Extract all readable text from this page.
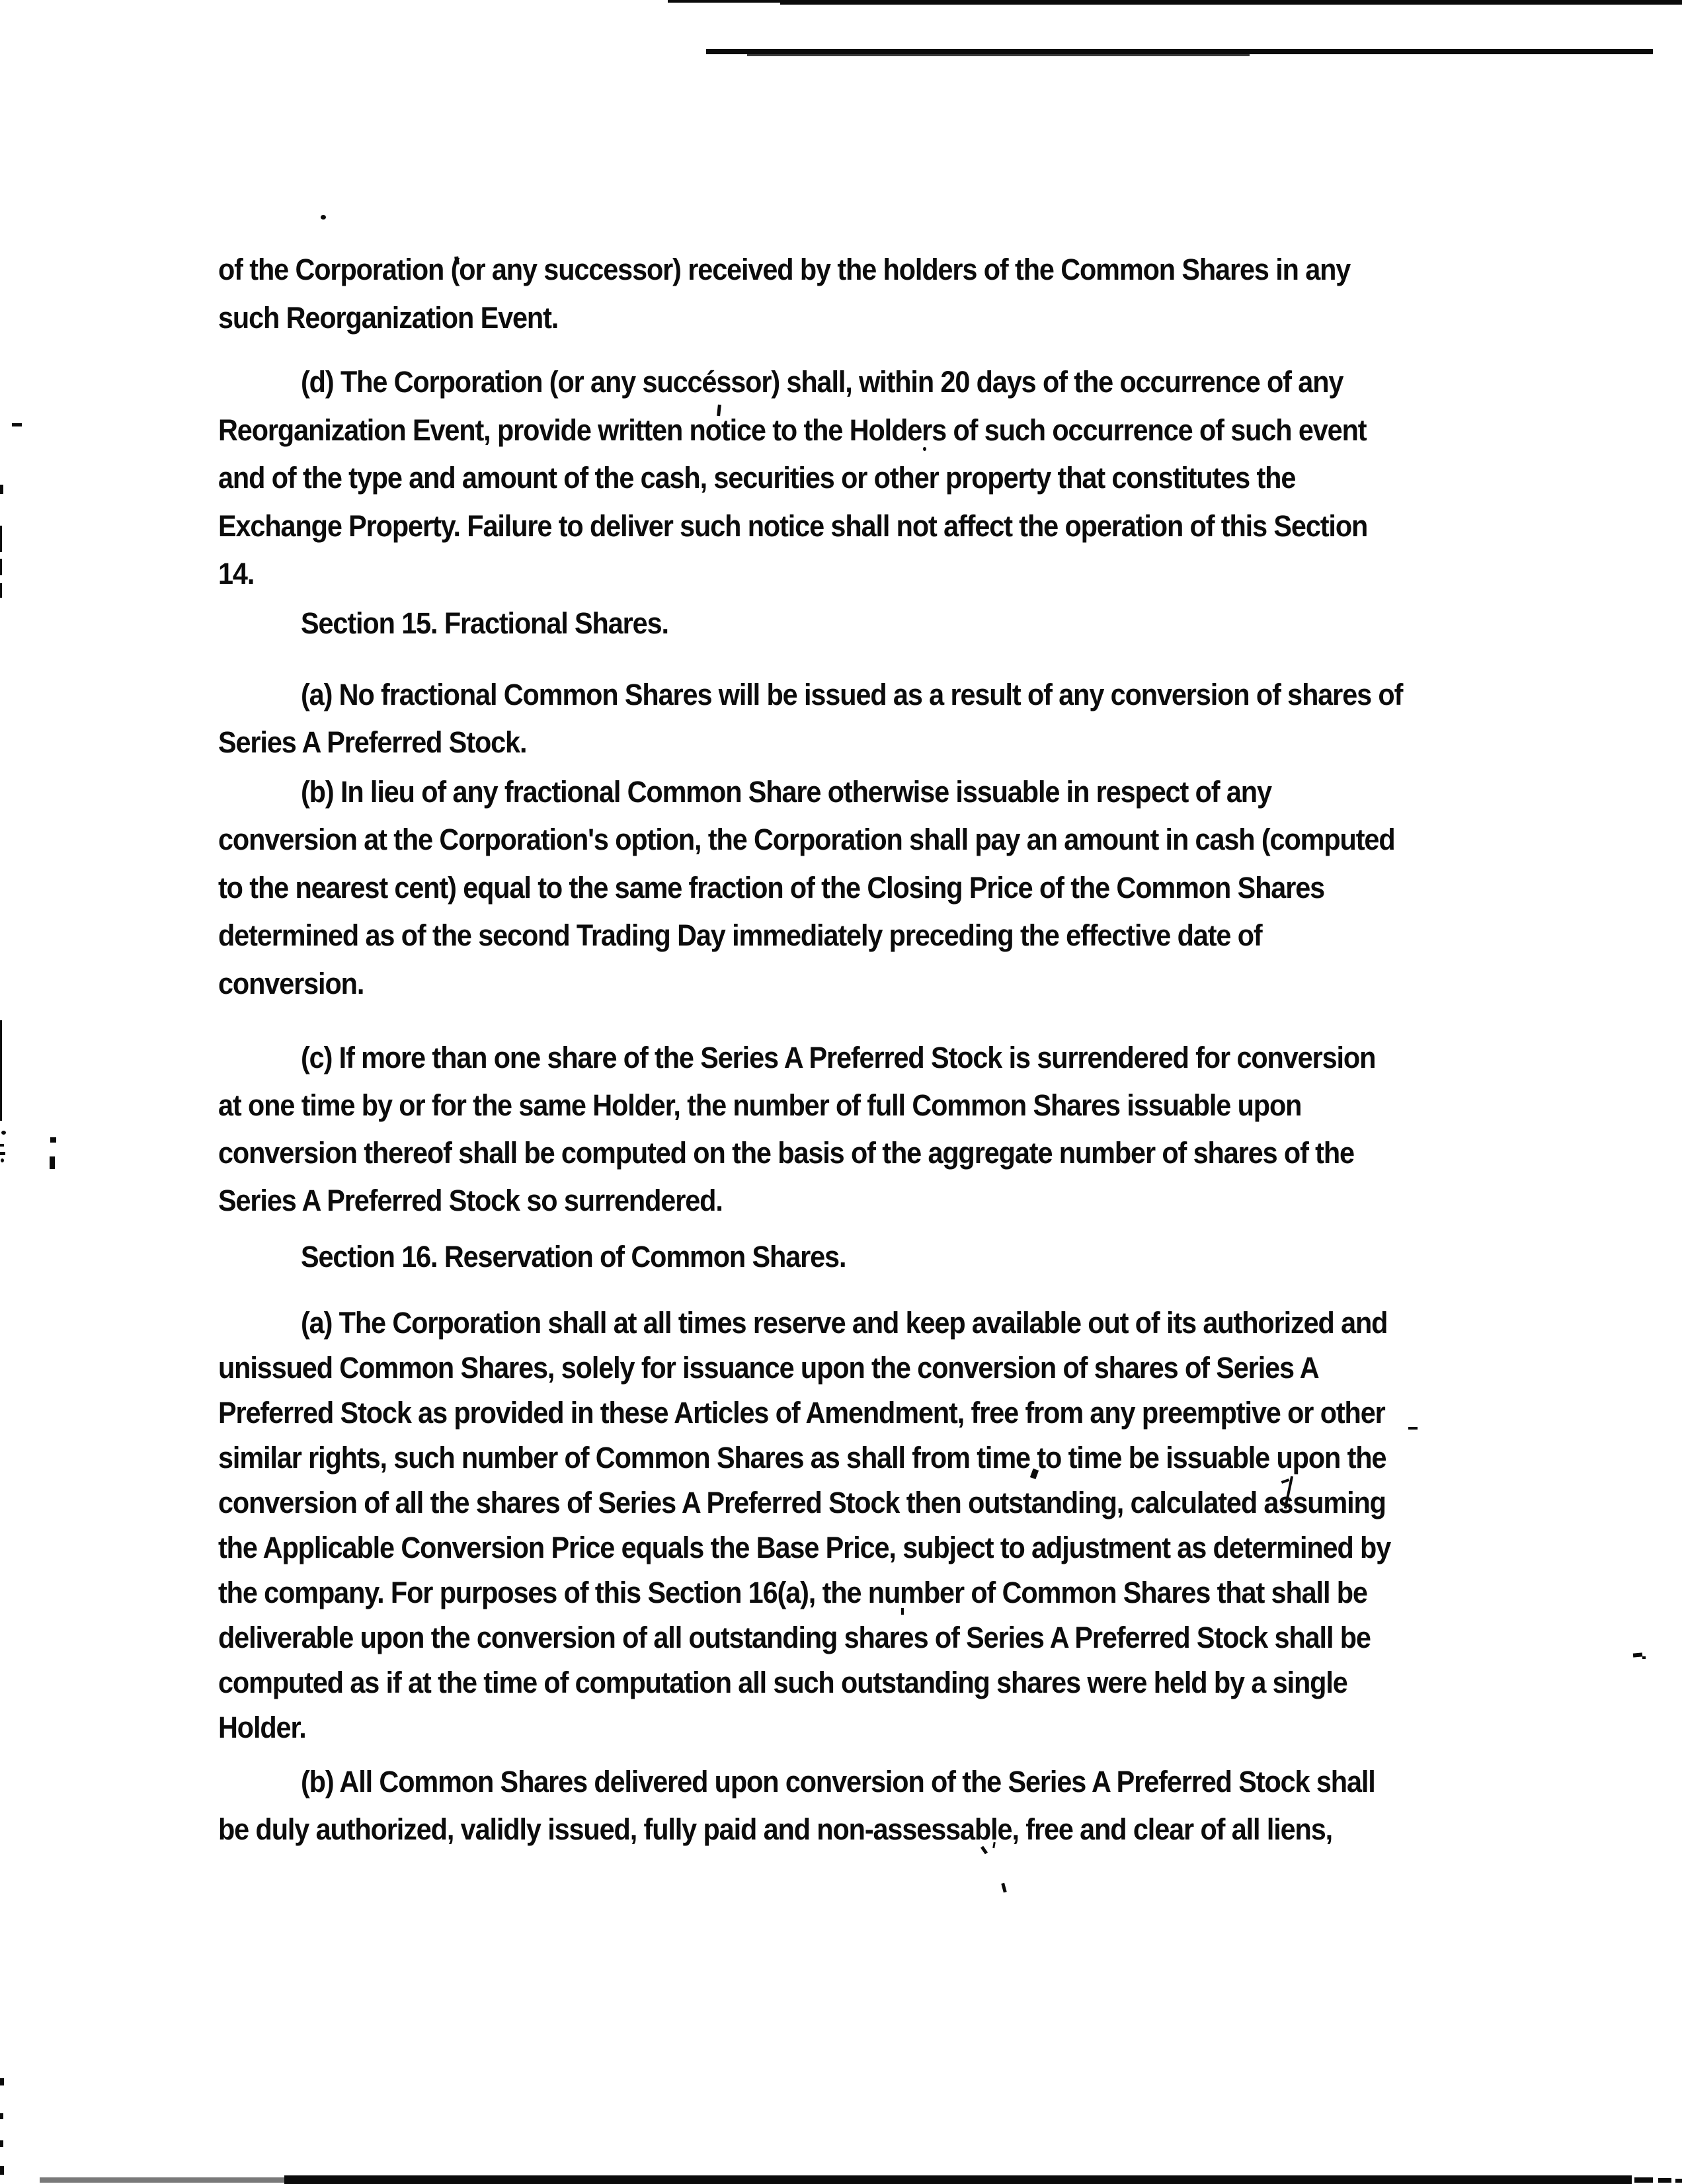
of the Corporation (or any successor) received by the holders of the Common Shares in any
such Reorganization Event.
(d) The Corporation (or any succéssor) shall, within 20 days of the occurrence of any
Reorganization Event, provide written notice to the Holders of such occurrence of such event
and of the type and amount of the cash, securities or other property that constitutes the
Exchange Property. Failure to deliver such notice shall not affect the operation of this Section
14.
Section 15. Fractional Shares.
(a) No fractional Common Shares will be issued as a result of any conversion of shares of
Series A Preferred Stock.
(b) In lieu of any fractional Common Share otherwise issuable in respect of any
conversion at the Corporation's option, the Corporation shall pay an amount in cash (computed
to the nearest cent) equal to the same fraction of the Closing Price of the Common Shares
determined as of the second Trading Day immediately preceding the effective date of
conversion.
(c) If more than one share of the Series A Preferred Stock is surrendered for conversion
at one time by or for the same Holder, the number of full Common Shares issuable upon
conversion thereof shall be computed on the basis of the aggregate number of shares of the
Series A Preferred Stock so surrendered.
Section 16. Reservation of Common Shares.
(a) The Corporation shall at all times reserve and keep available out of its authorized and
unissued Common Shares, solely for issuance upon the conversion of shares of Series A
Preferred Stock as provided in these Articles of Amendment, free from any preemptive or other
similar rights, such number of Common Shares as shall from time to time be issuable upon the
conversion of all the shares of Series A Preferred Stock then outstanding, calculated assuming
the Applicable Conversion Price equals the Base Price, subject to adjustment as determined by
the company. For purposes of this Section 16(a), the number of Common Shares that shall be
deliverable upon the conversion of all outstanding shares of Series A Preferred Stock shall be
computed as if at the time of computation all such outstanding shares were held by a single
Holder.
(b) All Common Shares delivered upon conversion of the Series A Preferred Stock shall
be duly authorized, validly issued, fully paid and non-assessable, free and clear of all liens,
